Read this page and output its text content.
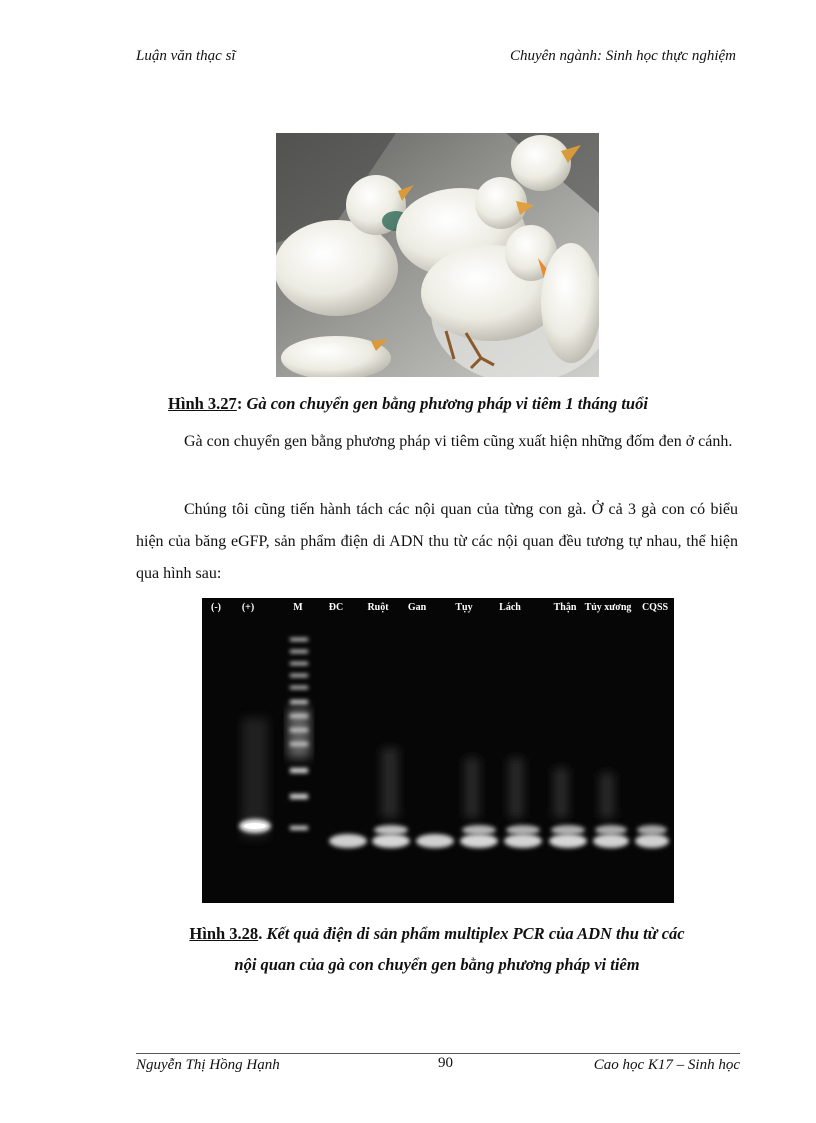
Luận văn thạc sĩ	Chuyên ngành: Sinh học thực nghiệm
Hình 3.27: Gà con chuyển gen bằng phương pháp vi tiêm 1 tháng tuổi
Gà con chuyển gen bằng phương pháp vi tiêm cũng xuất hiện những đốm đen ở cánh.
Chúng tôi cũng tiến hành tách các nội quan của từng con gà. Ở cả 3 gà con có biểu hiện của băng eGFP, sản phẩm điện di ADN thu từ các nội quan đều tương tự nhau, thể hiện qua hình sau:
(-) (+)	M	ĐC Ruột Gan	Tụy	Lách	Thận Tủy xương CQSS
Hình 3.28. Kết quả điện di sản phẩm multiplex PCR của ADN thu từ các
nội quan của gà con chuyển gen bằng phương pháp vi tiêm
Nguyễn Thị Hồng Hạnh	90	Cao học K17 – Sinh học
